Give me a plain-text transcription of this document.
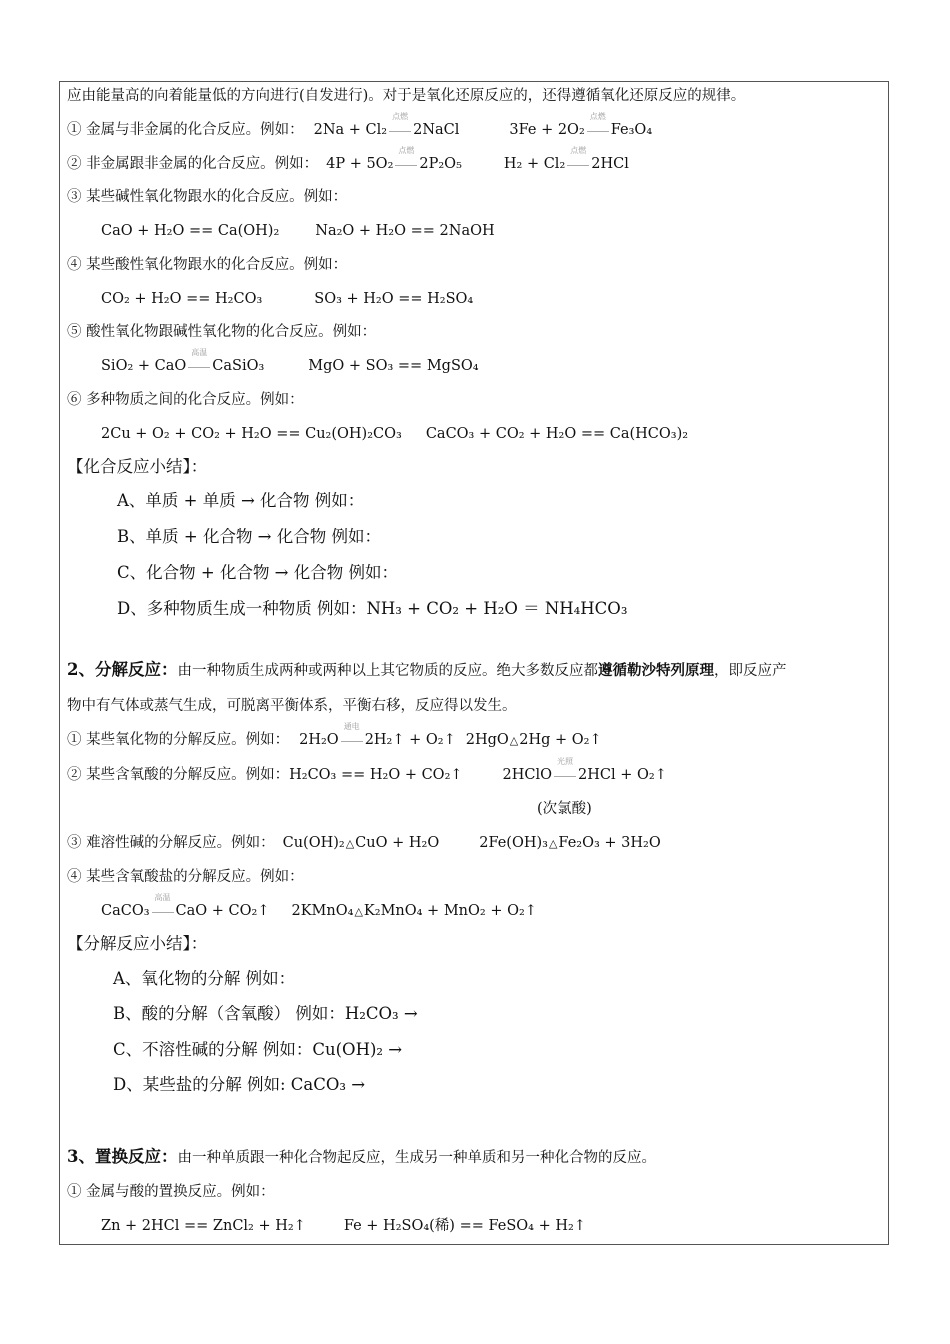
应由能量高的向着能量低的方向进行(自发进行)。对于是氧化还原反应的，还得遵循氧化还原反应的规律。
① 金属与非金属的化合反应。例如： 2Na + Cl₂
点燃
2NaCl	3Fe + 2O₂
点燃
Fe₃O₄
② 非金属跟非金属的化合反应。例如： 4P + 5O₂
点燃
2P₂O₅	H₂ + Cl₂
点燃
2HCl
③ 某些碱性氧化物跟水的化合反应。例如：
CaO + H₂O == Ca(OH)₂ Na₂O + H₂O == 2NaOH
④ 某些酸性氧化物跟水的化合反应。例如：
CO₂ + H₂O == H₂CO₃	SO₃ + H₂O == H₂SO₄
⑤ 酸性氧化物跟碱性氧化物的化合反应。例如：
SiO₂ + CaO
高温
CaSiO₃	MgO + SO₃ == MgSO₄
⑥ 多种物质之间的化合反应。例如：
2Cu + O₂ + CO₂ + H₂O == Cu₂(OH)₂CO₃ CaCO₃ + CO₂ + H₂O == Ca(HCO₃)₂
【化合反应小结】：
A、单质 + 单质 → 化合物 例如：
B、单质 + 化合物 → 化合物 例如：
C、化合物 + 化合物 → 化合物 例如：
D、多种物质生成一种物质 例如：NH₃ + CO₂ + H₂O ＝ NH₄HCO₃
2、分解反应：由一种物质生成两种或两种以上其它物质的反应。绝大多数反应都遵循勒沙特列原理，即反应产
物中有气体或蒸气生成，可脱离平衡体系，平衡右移，反应得以发生。
① 某些氧化物的分解反应。例如： 2H₂O
通电
2H₂↑ + O₂↑ 2HgO△2Hg + O₂↑
② 某些含氧酸的分解反应。例如：H₂CO₃ == H₂O + CO₂↑	2HClO
光照
2HCl + O₂↑
(次氯酸)
③ 难溶性碱的分解反应。例如： Cu(OH)₂△CuO + H₂O	2Fe(OH)₃△Fe₂O₃ + 3H₂O
④ 某些含氧酸盐的分解反应。例如：
CaCO₃
高温
CaO + CO₂↑ 2KMnO₄△K₂MnO₄ + MnO₂ + O₂↑
【分解反应小结】：
A、氧化物的分解 例如：
B、酸的分解（含氧酸） 例如：H₂CO₃ →
C、不溶性碱的分解 例如：Cu(OH)₂ →
D、某些盐的分解 例如: CaCO₃ →
3、置换反应：由一种单质跟一种化合物起反应，生成另一种单质和另一种化合物的反应。
① 金属与酸的置换反应。例如：
Zn + 2HCl == ZnCl₂ + H₂↑	Fe + H₂SO₄(稀) == FeSO₄ + H₂↑
